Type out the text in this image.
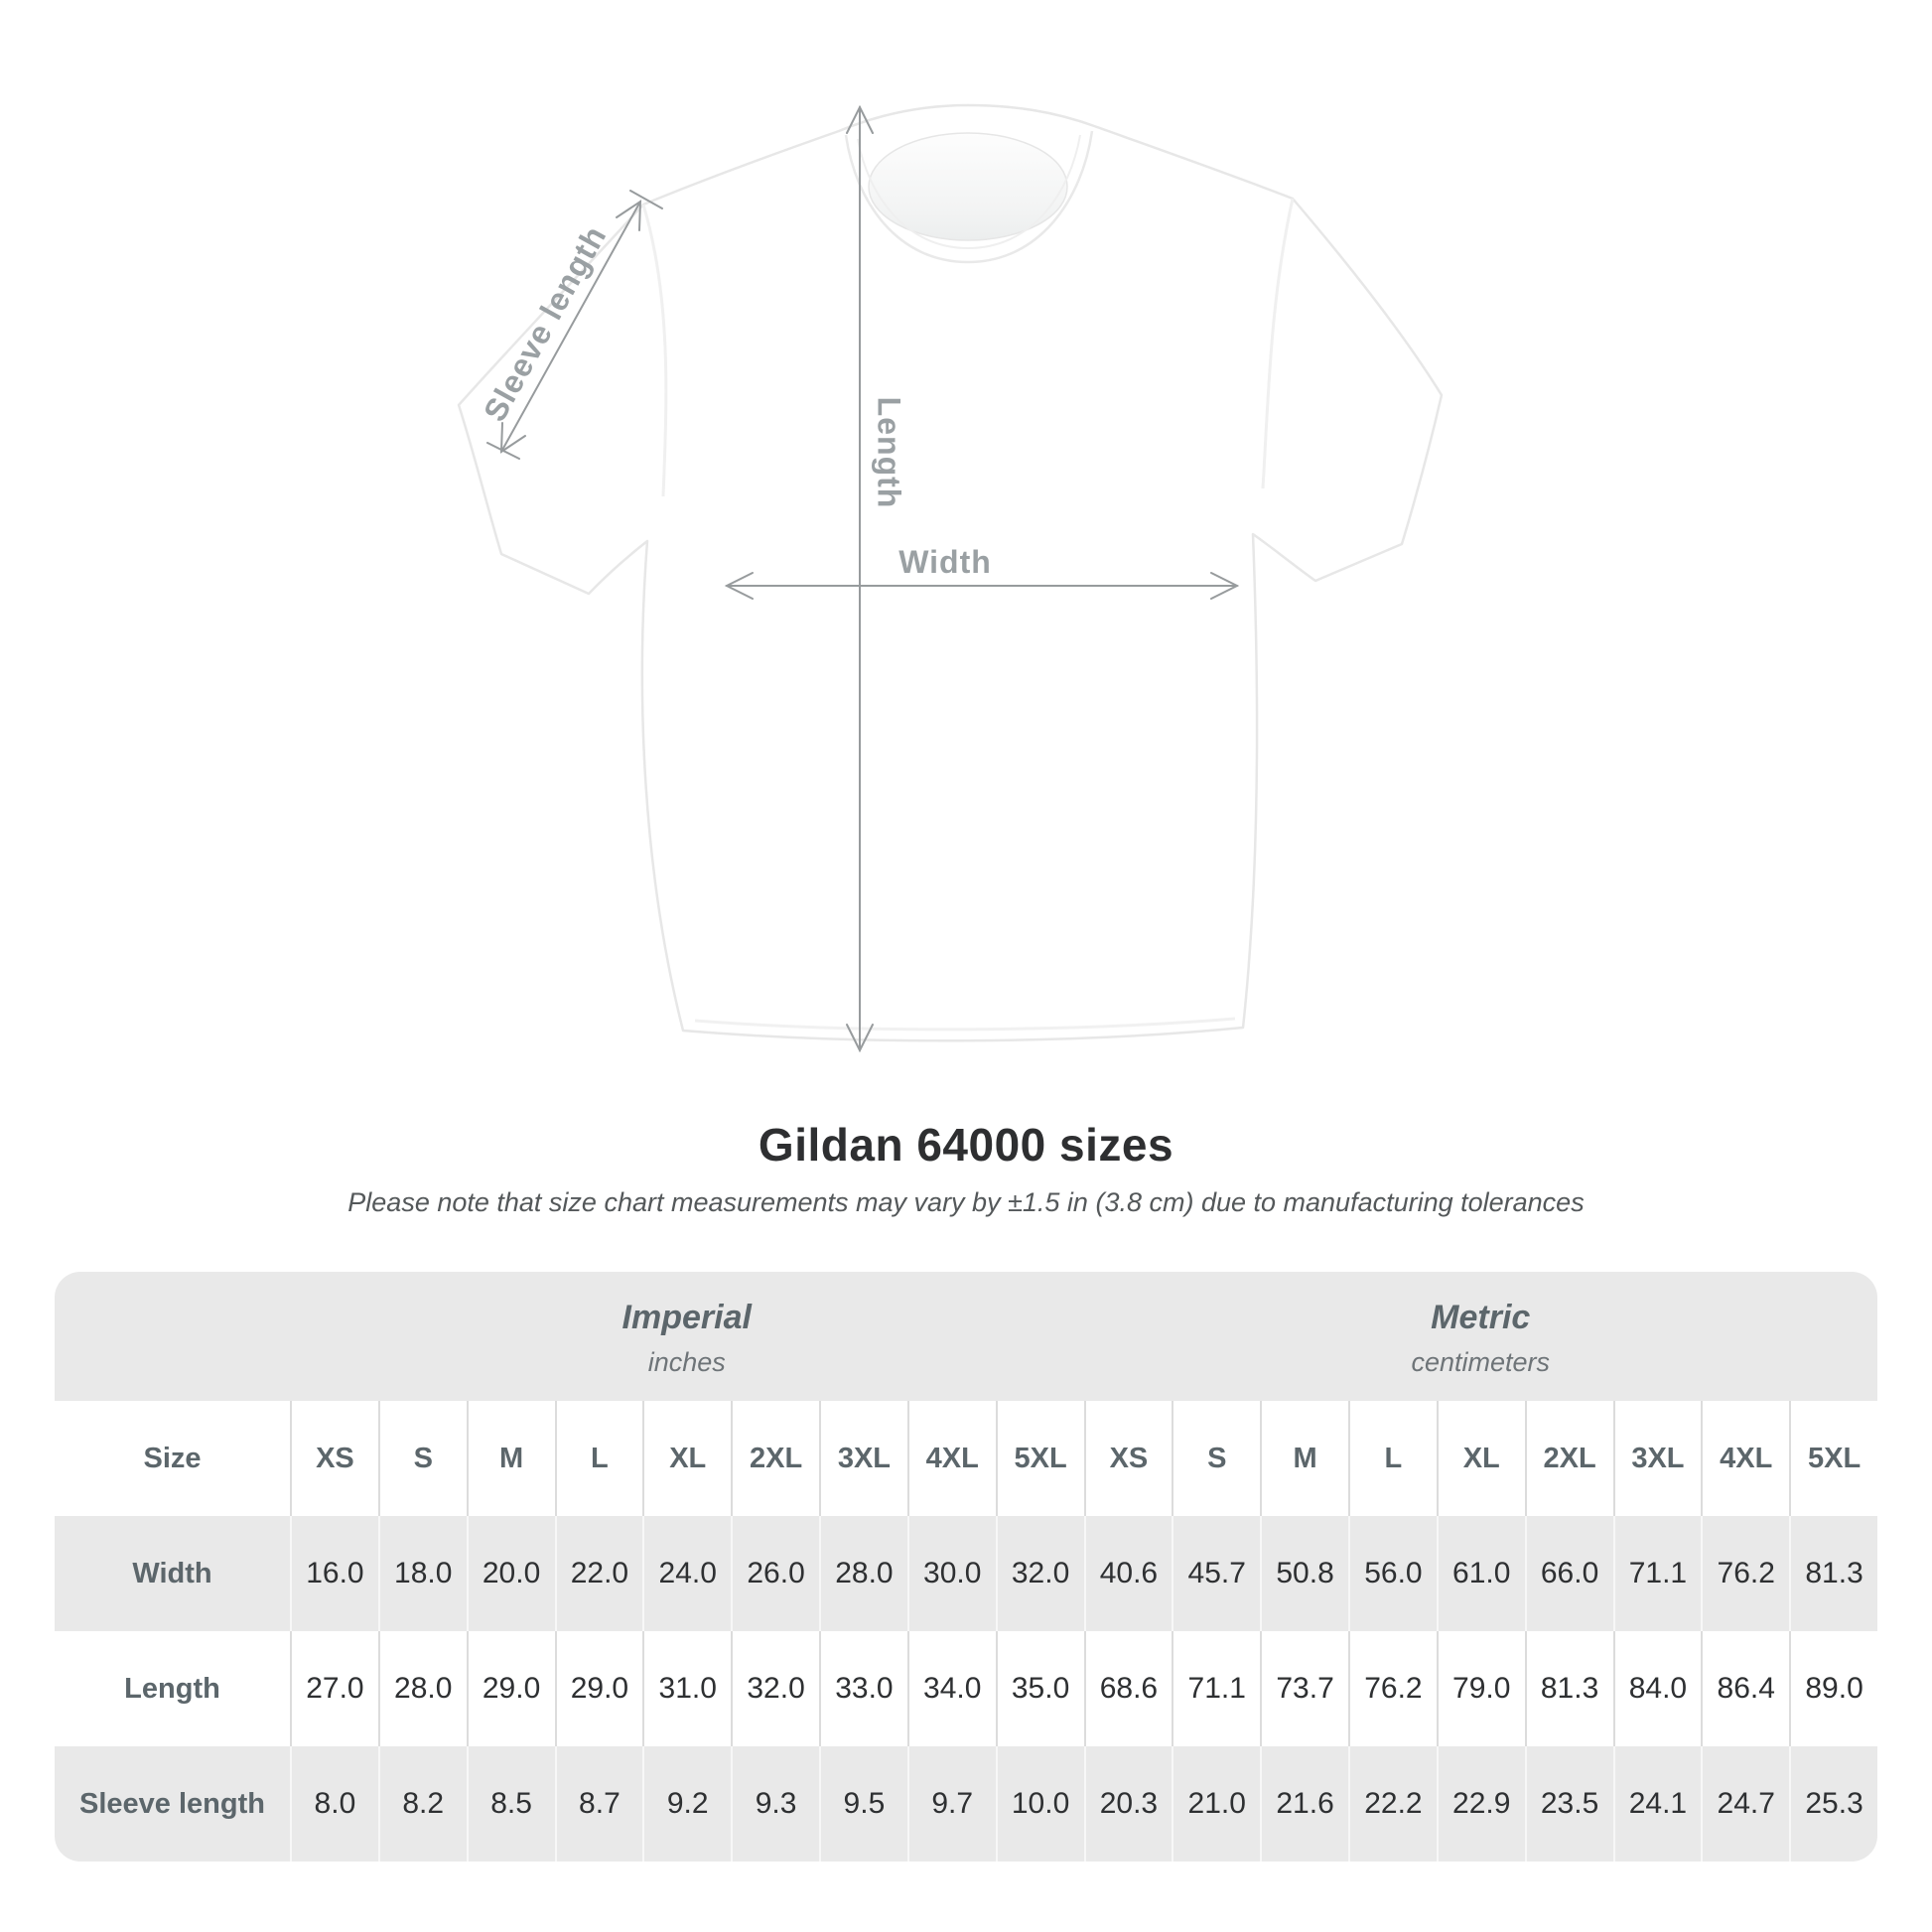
Sleeve length
Length
Width
Gildan 64000 sizes

Please note that size chart measurements may vary by ±1.5 in (3.8 cm) due to manufacturing tolerances

Imperial
inches
Metric
centimeters
Size	XS	S	M	L	XL	2XL	3XL	4XL	5XL	XS	S	M	L	XL	2XL	3XL	4XL	5XL
Width	16.0	18.0	20.0	22.0	24.0	26.0	28.0	30.0	32.0	40.6	45.7	50.8	56.0	61.0	66.0	71.1	76.2	81.3
Length	27.0	28.0	29.0	29.0	31.0	32.0	33.0	34.0	35.0	68.6	71.1	73.7	76.2	79.0	81.3	84.0	86.4	89.0
Sleeve length	8.0	8.2	8.5	8.7	9.2	9.3	9.5	9.7	10.0	20.3	21.0	21.6	22.2	22.9	23.5	24.1	24.7	25.3
